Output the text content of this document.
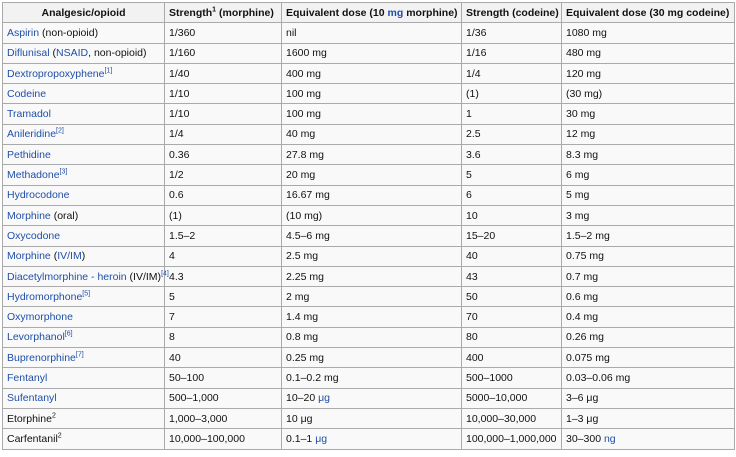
Analgesic/opioid	Strength$^1$ (morphine)	Equivalent dose (10 mg morphine)	Strength (codeine)	Equivalent dose (30 mg codeine)
Aspirin (non-opioid)	1/360	nil	1/36	1080 mg
Diflunisal (NSAID, non-opioid)	1/160	1600 mg	1/16	480 mg
Dextropropoxyphene[1]	1/40	400 mg	1/4	120 mg
Codeine	1/10	100 mg	(1)	(30 mg)
Tramadol	1/10	100 mg	1	30 mg
Anileridine[2]	1/4	40 mg	2.5	12 mg
Pethidine	0.36	27.8 mg	3.6	8.3 mg
Methadone[3]	1/2	20 mg	5	6 mg
Hydrocodone	0.6	16.67 mg	6	5 mg
Morphine (oral)	(1)	(10 mg)	10	3 mg
Oxycodone	1.5–2	4.5–6 mg	15–20	1.5–2 mg
Morphine (IV/IM)	4	2.5 mg	40	0.75 mg
Diacetylmorphine - heroin (IV/IM)[4]	4.3	2.25 mg	43	0.7 mg
Hydromorphone[5]	5	2 mg	50	0.6 mg
Oxymorphone	7	1.4 mg	70	0.4 mg
Levorphanol[6]	8	0.8 mg	80	0.26 mg
Buprenorphine[7]	40	0.25 mg	400	0.075 mg
Fentanyl	50–100	0.1–0.2 mg	500–1000	0.03–0.06 mg
Sufentanyl	500–1,000	10–20 μg	5000–10,000	3–6 μg
Etorphine$^2$	1,000–3,000	10 μg	10,000–30,000	1–3 μg
Carfentanil$^2$	10,000–100,000	0.1–1 μg	100,000–1,000,000	30–300 ng
